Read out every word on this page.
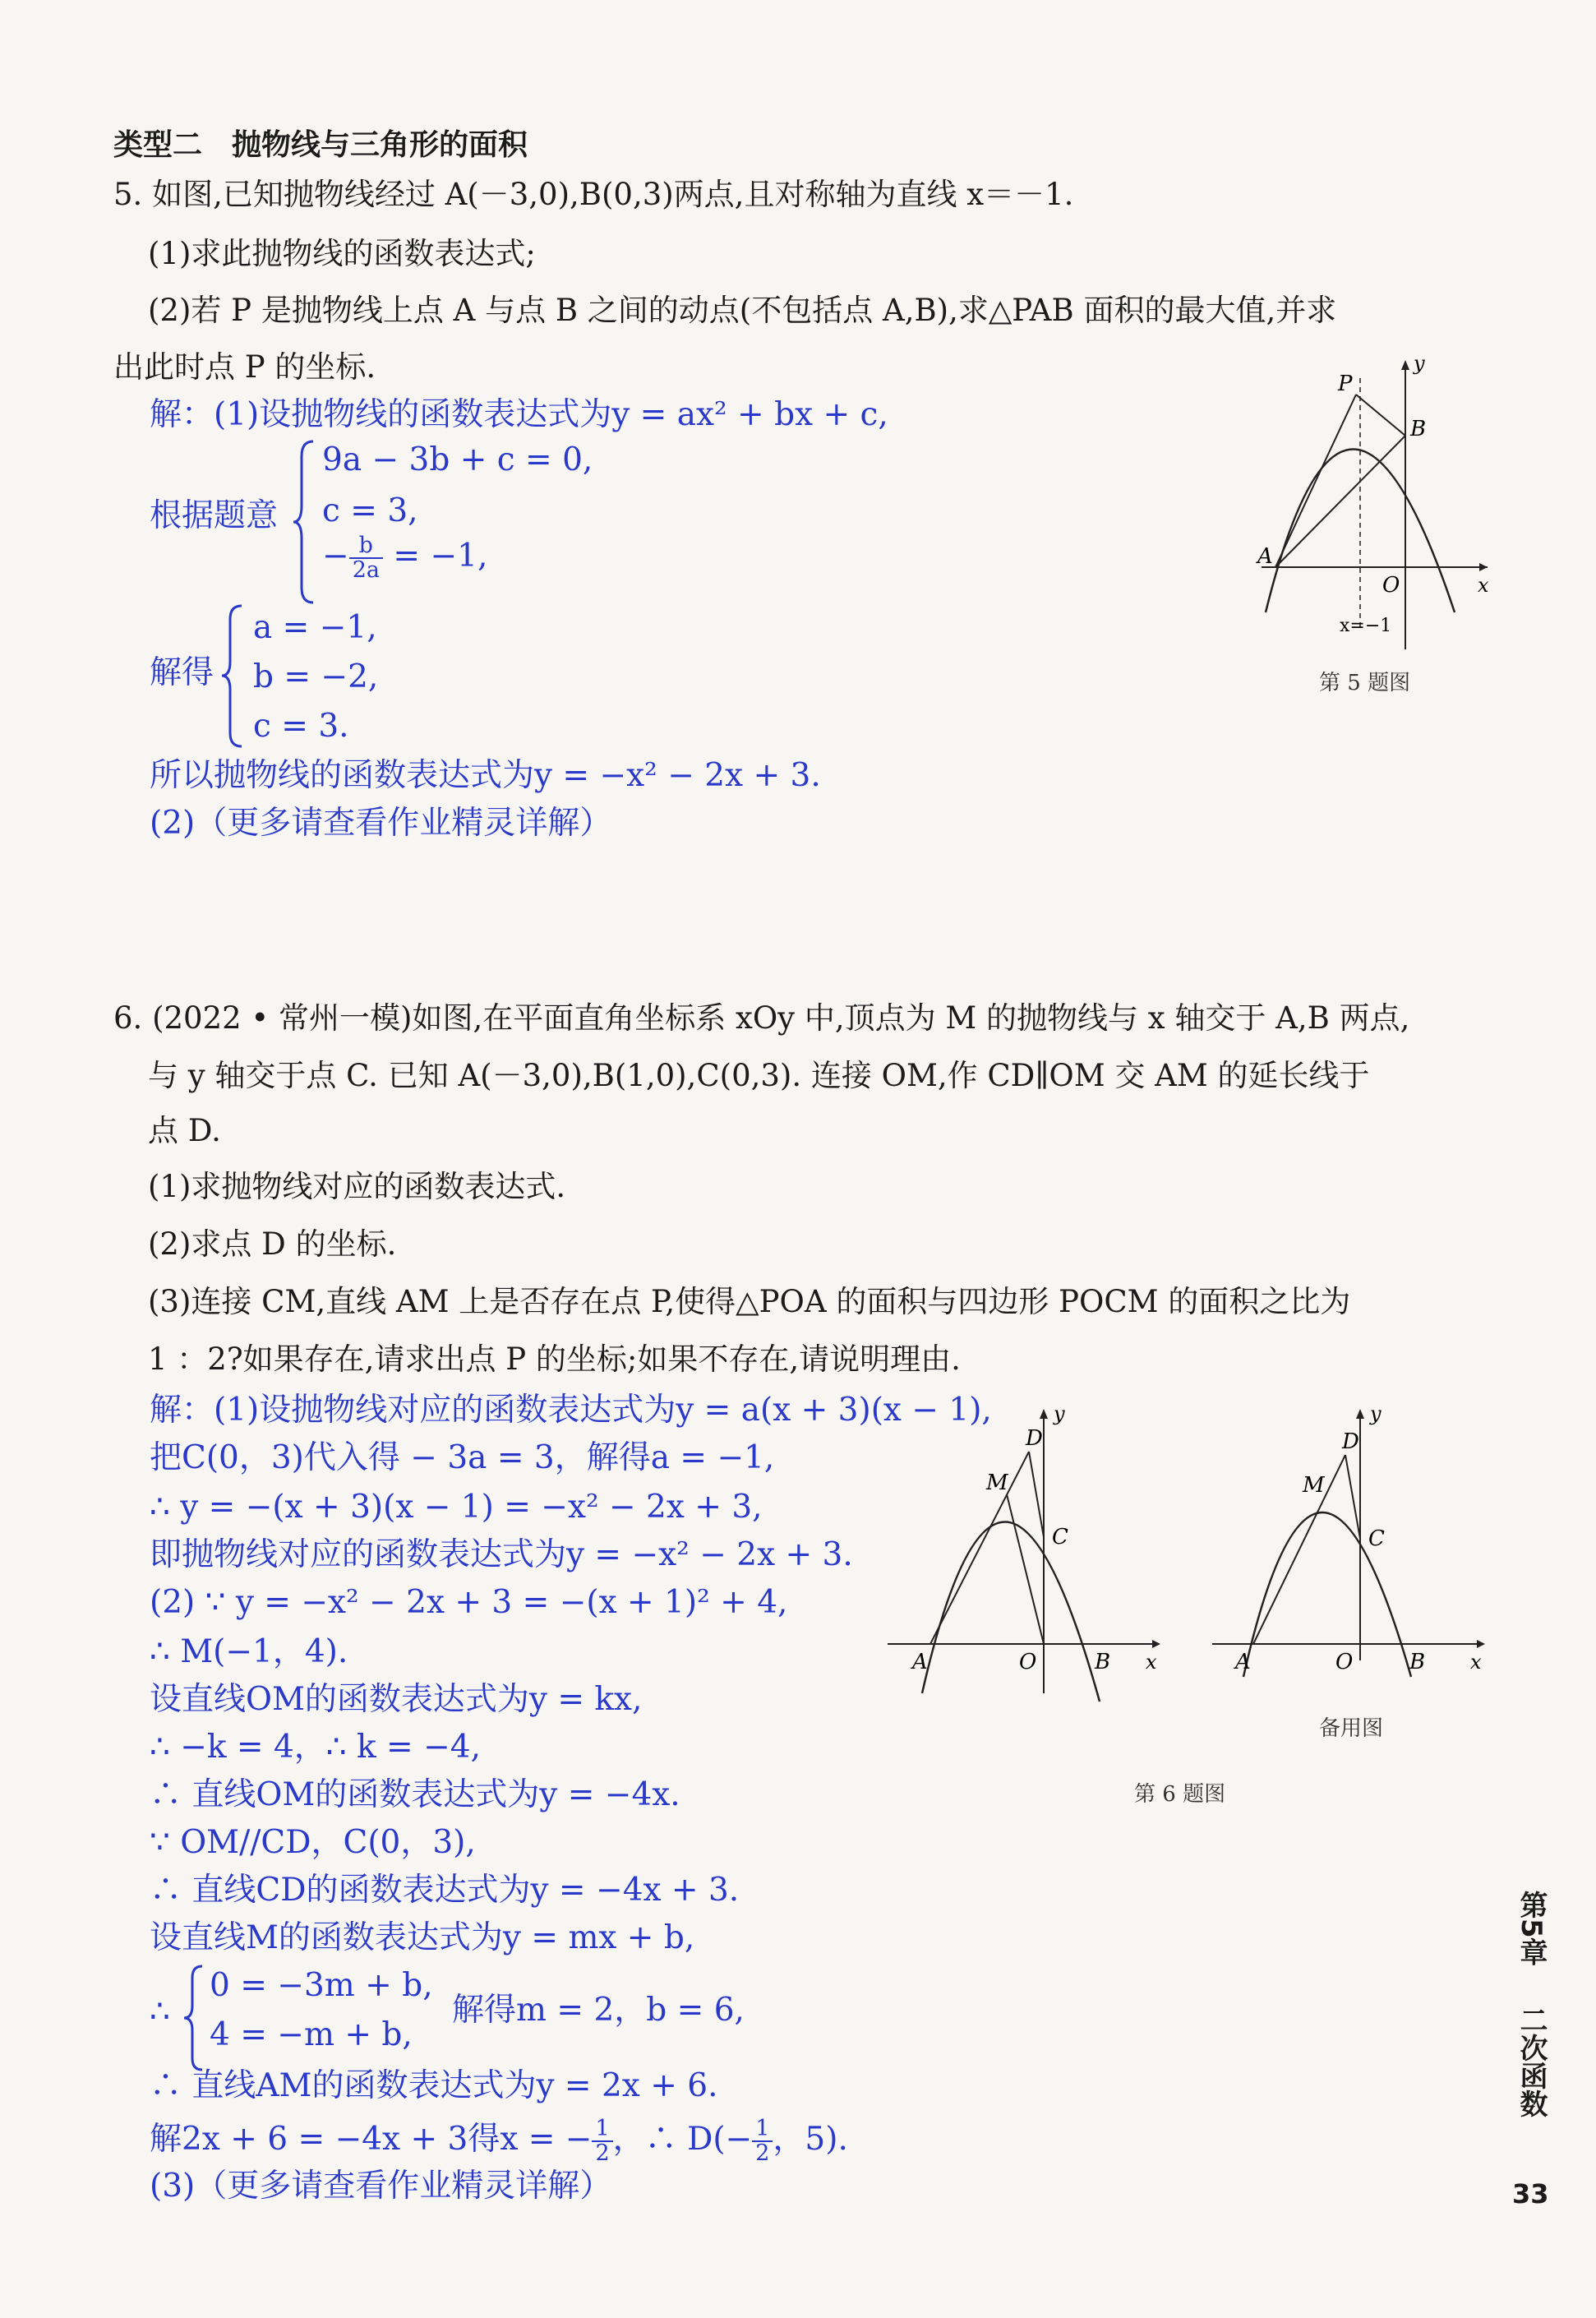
类型二　抛物线与三角形的面积
5. 如图,已知抛物线经过 A(－3,0),B(0,3)两点,且对称轴为直线 x＝－1.
(1)求此抛物线的函数表达式;
(2)若 P 是抛物线上点 A 与点 B 之间的动点(不包括点 A,B),求△PAB 面积的最大值,并求
出此时点 P 的坐标.
解：(1)设抛物线的函数表达式为y = ax² + bx + c,
根据题意
9a − 3b + c = 0,
c = 3,
− $\frac{b}{2a} = -1$,
解得
a = −1,
b = −2,
c = 3.
所以抛物线的函数表达式为y = −x² − 2x + 3.
(2)（更多请查看作业精灵详解）
P
B
A
O	x
y
x=−1
第 5 题图
6. (2022 • 常州一模)如图,在平面直角坐标系 xOy 中,顶点为 M 的抛物线与 x 轴交于 A,B 两点,
与 y 轴交于点 C. 已知 A(－3,0),B(1,0),C(0,3). 连接 OM,作 CD∥OM 交 AM 的延长线于
点 D.
(1)求抛物线对应的函数表达式.
(2)求点 D 的坐标.
(3)连接 CM,直线 AM 上是否存在点 P,使得△POA 的面积与四边形 POCM 的面积之比为
1 ：2?如果存在,请求出点 P 的坐标;如果不存在,请说明理由.
解：(1)设抛物线对应的函数表达式为y = a(x + 3)(x − 1),
把C(0，3)代入得 − 3a = 3，解得a = −1,
∴ y = −(x + 3)(x − 1) = −x² − 2x + 3,
即抛物线对应的函数表达式为y = −x² − 2x + 3.
(2) ∵ y = −x² − 2x + 3 = −(x + 1)² + 4,
∴ M(−1，4).
设直线OM的函数表达式为y = kx,
∴ −k = 4，∴ k = −4,
∴ 直线OM的函数表达式为y = −4x.
∵ OM//CD，C(0，3),
∴ 直线CD的函数表达式为y = −4x + 3.
设直线M的函数表达式为y = mx + b,
∴
0 = −3m + b,
4 = −m + b,
解得m = 2，b = 6,
∴ 直线AM的函数表达式为y = 2x + 6.
解2x + 6 = −4x + 3得x = − $\frac{1}{2}$ ，∴ $D(- \frac{1}{2}$ ，5).
(3)（更多请查看作业精灵详解）
D
M
C
A	O	B x
y
D
M
C
A	O	B x
y
备用图
第 6 题图
第5章
二次函数
33
